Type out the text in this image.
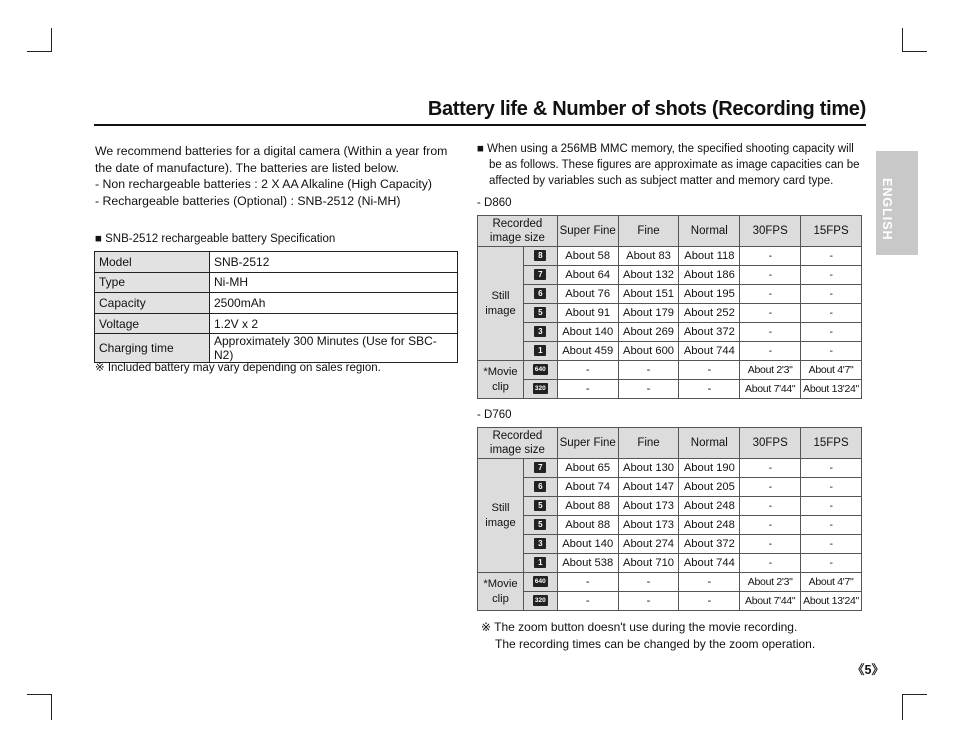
Battery life & Number of shots (Recording time)
ENGLISH
We recommend batteries for a digital camera (Within a year from
the date of manufacture). The batteries are listed below.
- Non rechargeable batteries : 2 X AA Alkaline (High Capacity)
- Rechargeable batteries (Optional) : SNB-2512 (Ni-MH)
■ SNB-2512 rechargeable battery Specification
Model	SNB-2512
Type	Ni-MH
Capacity	2500mAh
Voltage	1.2V x 2
Charging time	Approximately 300 Minutes (Use for SBC-N2)
※ Included battery may vary depending on sales region.
■ When using a 256MB MMC memory, the specified shooting capacity will
be as follows. These figures are approximate as image capacities can be
affected by variables such as subject matter and memory card type.
- D860
Recorded image size		Super Fine	Fine	Normal	30FPS	15FPS
Still image	8	About 58	About 83	About 118	-	-
	7	About 64	About 132	About 186	-	-
	6	About 76	About 151	About 195	-	-
	5	About 91	About 179	About 252	-	-
	3	About 140	About 269	About 372	-	-
	1	About 459	About 600	About 744	-	-
*Movie clip	640	-	-	-	About 2'3"	About 4'7"
	320	-	-	-	About 7'44"	About 13'24"
- D760
Recorded image size		Super Fine	Fine	Normal	30FPS	15FPS
Still image	7	About 65	About 130	About 190	-	-
	6	About 74	About 147	About 205	-	-
	5	About 88	About 173	About 248	-	-
	5	About 88	About 173	About 248	-	-
	3	About 140	About 274	About 372	-	-
	1	About 538	About 710	About 744	-	-
*Movie clip	640	-	-	-	About 2'3"	About 4'7"
	320	-	-	-	About 7'44"	About 13'24"
※ The zoom button doesn't use during the movie recording.
The recording times can be changed by the zoom operation.
《5》
